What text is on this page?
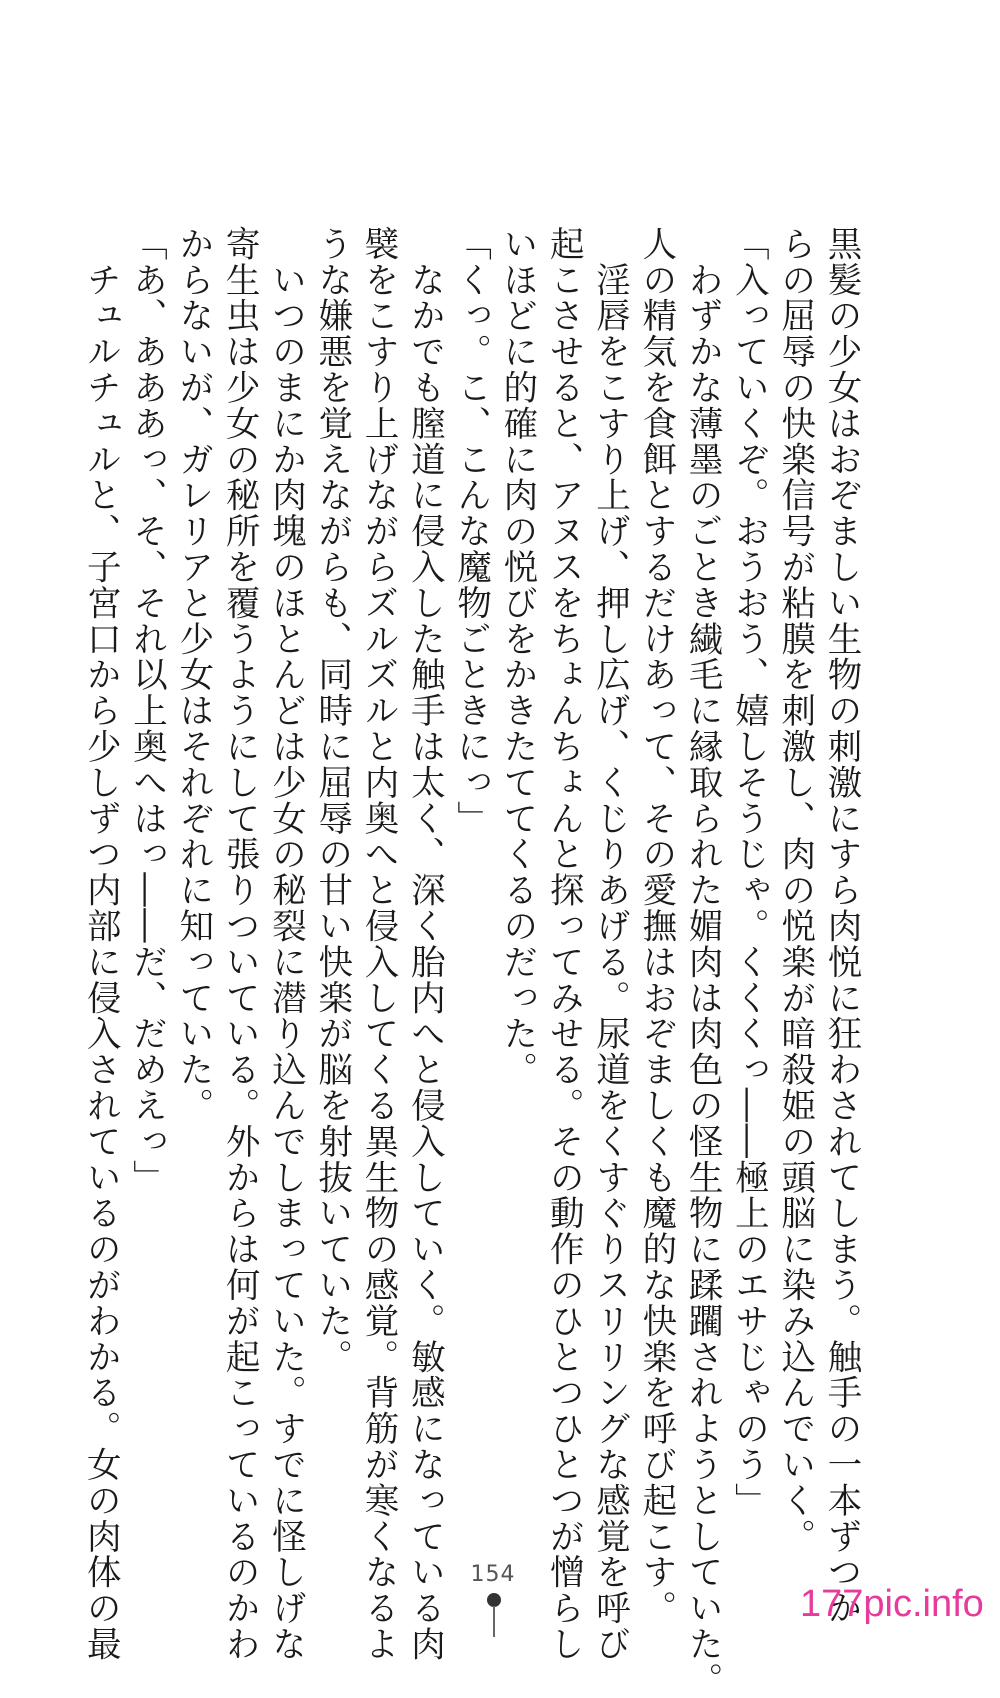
黒髪の少女はおぞましい生物の刺激にすら肉悦に狂わされてしまう。触手の一本ずつか

らの屈辱の快楽信号が粘膜を刺激し、肉の悦楽が暗殺姫の頭脳に染み込んでいく。

「入っていくぞ。おうおう、嬉しそうじゃ。くくくっ――極上のエサじゃのう」

　わずかな薄墨のごとき繊毛に縁取られた媚肉は肉色の怪生物に蹂躙されようとしていた。

人の精気を食餌とするだけあって、その愛撫はおぞましくも魔的な快楽を呼び起こす。

　淫唇をこすり上げ、押し広げ、くじりあげる。尿道をくすぐりスリリングな感覚を呼び

起こさせると、アヌスをちょんちょんと探ってみせる。その動作のひとつひとつが憎らし

いほどに的確に肉の悦びをかきたててくるのだった。

「くっ。こ、こんな魔物ごときにっ」

　なかでも膣道に侵入した触手は太く、深く胎内へと侵入していく。敏感になっている肉

襞をこすり上げながらズルズルと内奥へと侵入してくる異生物の感覚。背筋が寒くなるよ

うな嫌悪を覚えながらも、同時に屈辱の甘い快楽が脳を射抜いていた。

　いつのまにか肉塊のほとんどは少女の秘裂に潜り込んでしまっていた。すでに怪しげな

寄生虫は少女の秘所を覆うようにして張りついている。外からは何が起こっているのかわ

からないが、ガレリアと少女はそれぞれに知っていた。

「あ、あああっ、そ、それ以上奥へはっ――だ、だめえっ」

　チュルチュルと、子宮口から少しずつ内部に侵入されているのがわかる。女の肉体の最	154
177pic.info
